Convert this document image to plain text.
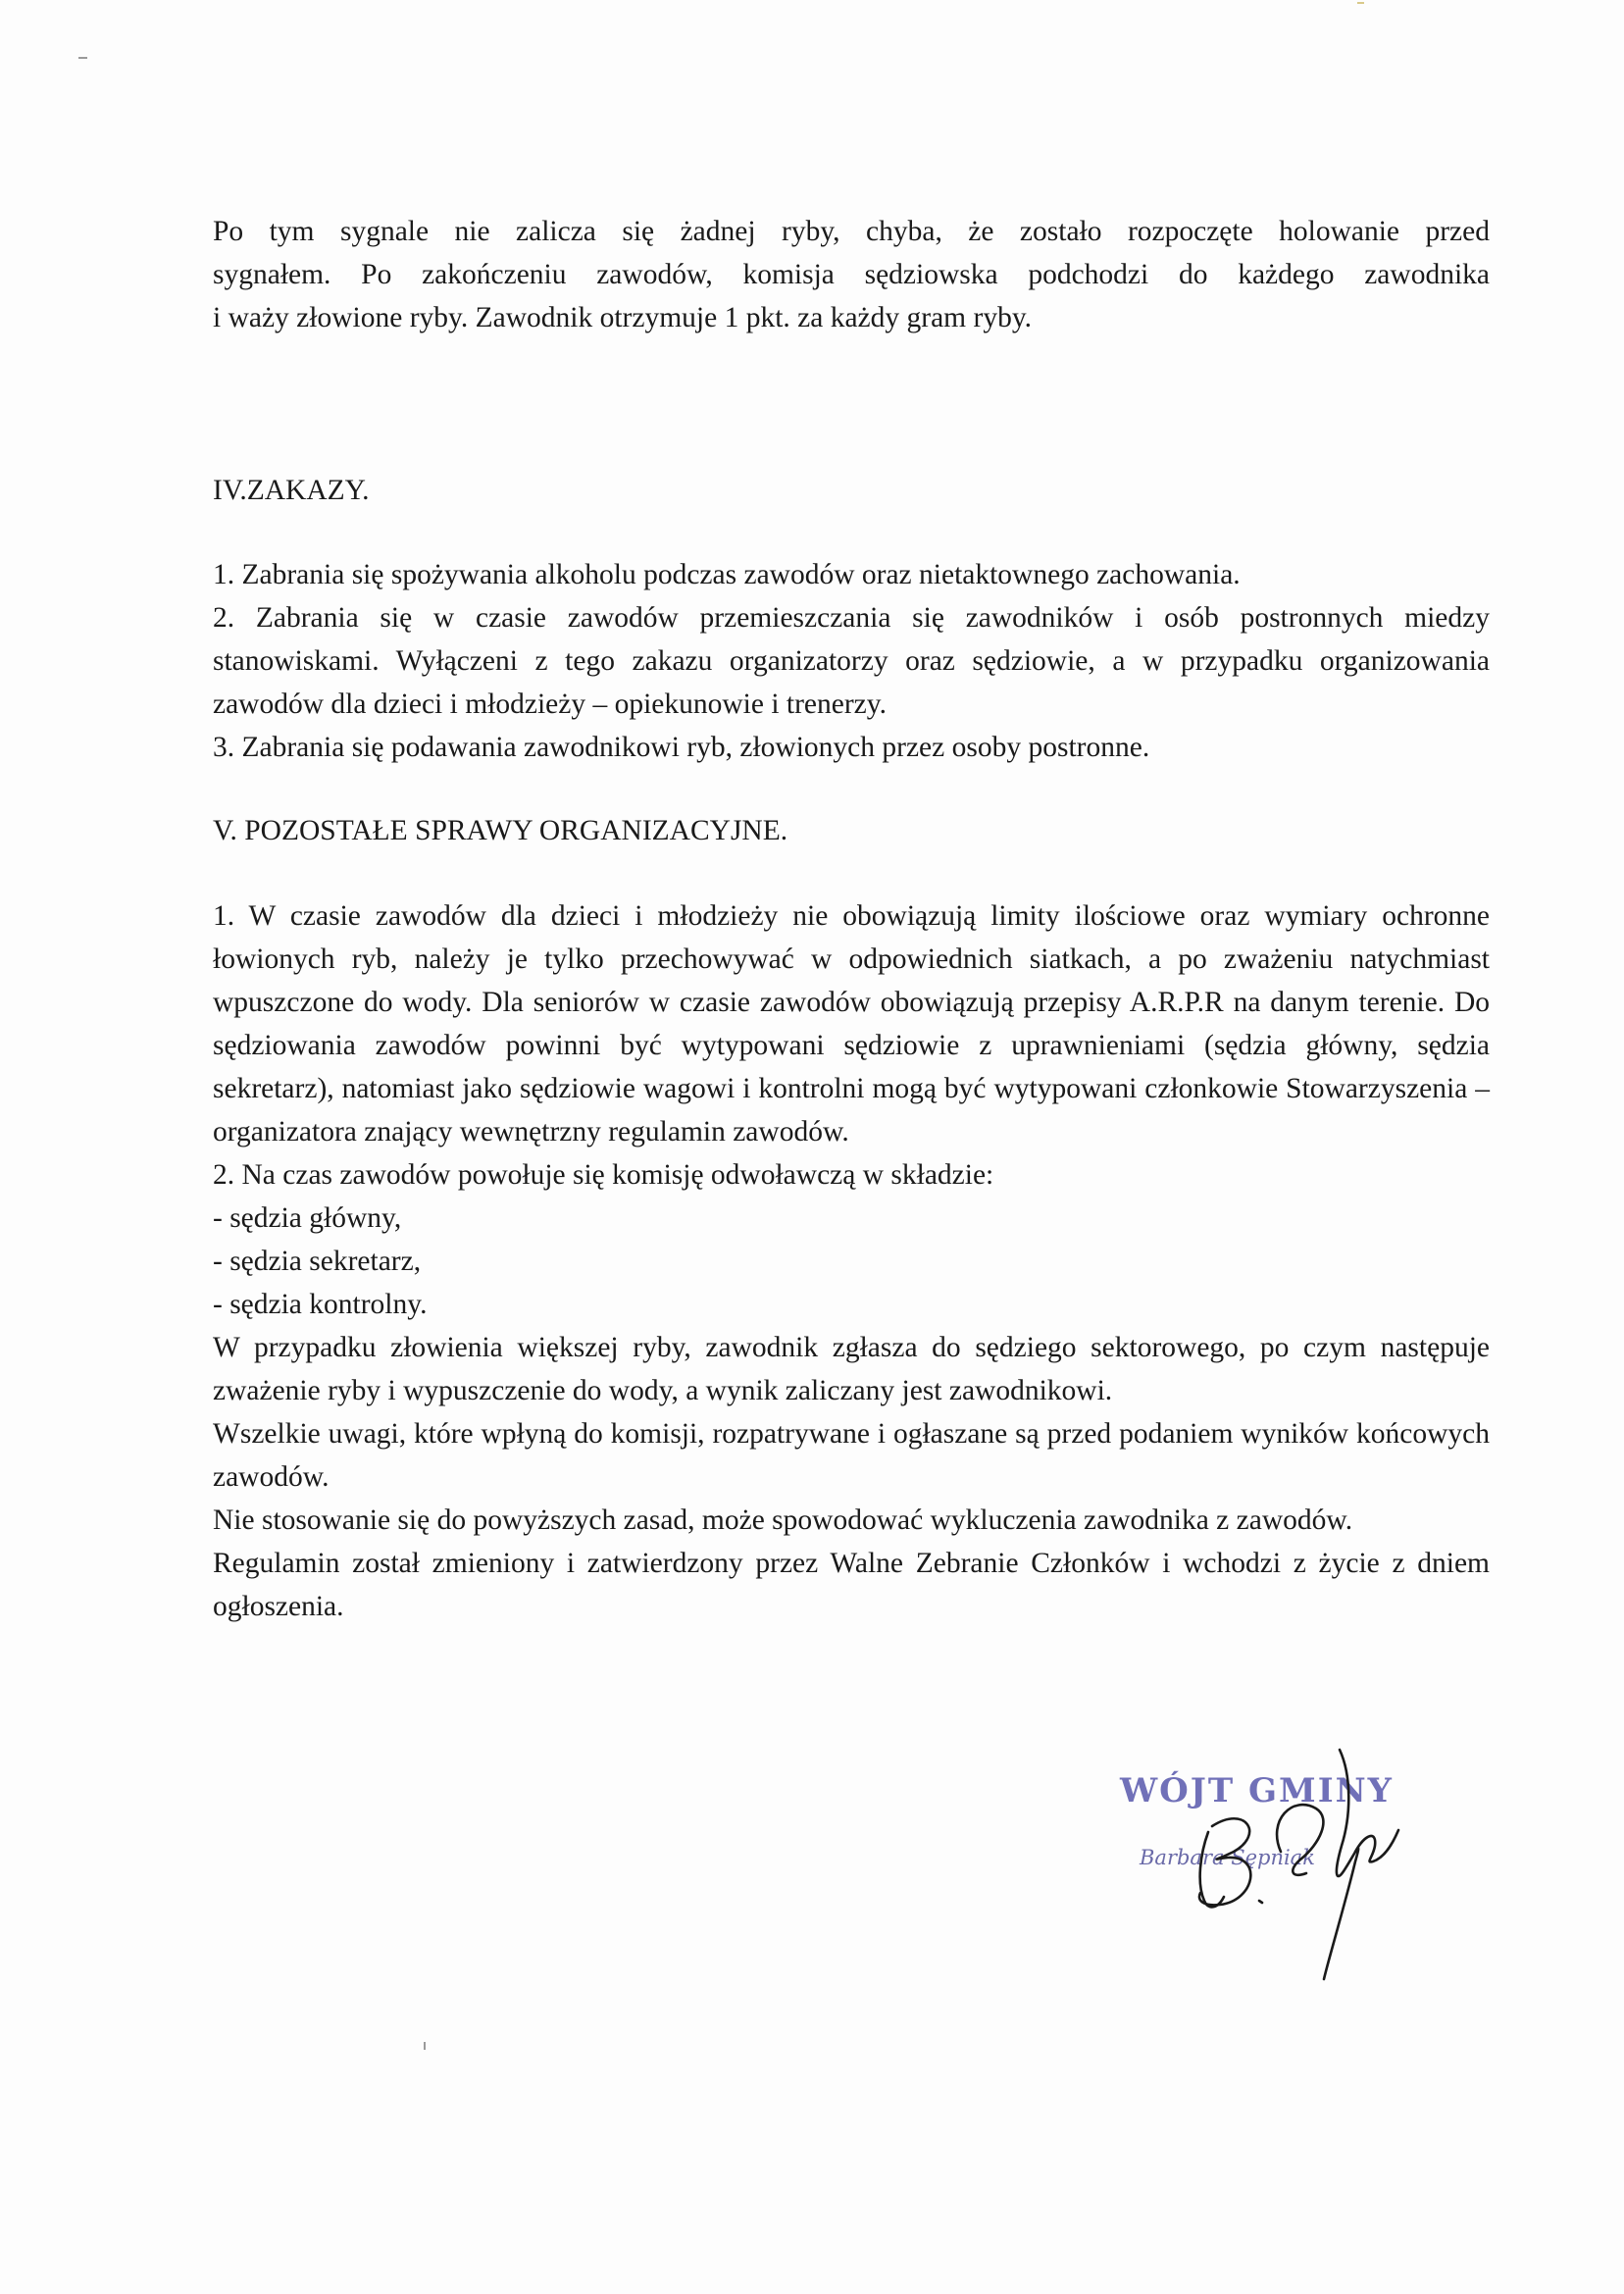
Po tym sygnale nie zalicza się żadnej ryby, chyba, że zostało rozpoczęte holowanie przed

sygnałem. Po zakończeniu zawodów, komisja sędziowska podchodzi do każdego zawodnika

i waży złowione ryby. Zawodnik otrzymuje 1 pkt. za każdy gram ryby.

IV.ZAKAZY.

1. Zabrania się spożywania alkoholu podczas zawodów oraz nietaktownego zachowania.

2. Zabrania się w czasie zawodów przemieszczania się zawodników i osób postronnych miedzy stanowiskami. Wyłączeni z tego zakazu organizatorzy oraz sędziowie, a w przypadku organizowania zawodów dla dzieci i młodzieży – opiekunowie i trenerzy.

3. Zabrania się podawania zawodnikowi ryb, złowionych przez osoby postronne.

V. POZOSTAŁE SPRAWY ORGANIZACYJNE.

1. W czasie zawodów dla dzieci i młodzieży nie obowiązują limity ilościowe oraz wymiary ochronne łowionych ryb, należy je tylko przechowywać w odpowiednich siatkach, a po zważeniu natychmiast wpuszczone do wody. Dla seniorów w czasie zawodów obowiązują przepisy A.R.P.R na danym terenie. Do sędziowania zawodów powinni być wytypowani sędziowie z uprawnieniami (sędzia główny, sędzia sekretarz), natomiast jako sędziowie wagowi i kontrolni mogą być wytypowani członkowie Stowarzyszenia – organizatora znający wewnętrzny regulamin zawodów.

2. Na czas zawodów powołuje się komisję odwoławczą w składzie:

- sędzia główny,

- sędzia sekretarz,

- sędzia kontrolny.

W przypadku złowienia większej ryby, zawodnik zgłasza do sędziego sektorowego, po czym następuje zważenie ryby i wypuszczenie do wody, a wynik zaliczany jest zawodnikowi.

Wszelkie uwagi, które wpłyną do komisji, rozpatrywane i ogłaszane są przed podaniem wyników końcowych zawodów.

Nie stosowanie się do powyższych zasad, może spowodować wykluczenia zawodnika z zawodów.

Regulamin został zmieniony i zatwierdzony przez Walne Zebranie Członków i wchodzi z życie z dniem ogłoszenia.

WÓJT GMINY
Barbara Sępniak
